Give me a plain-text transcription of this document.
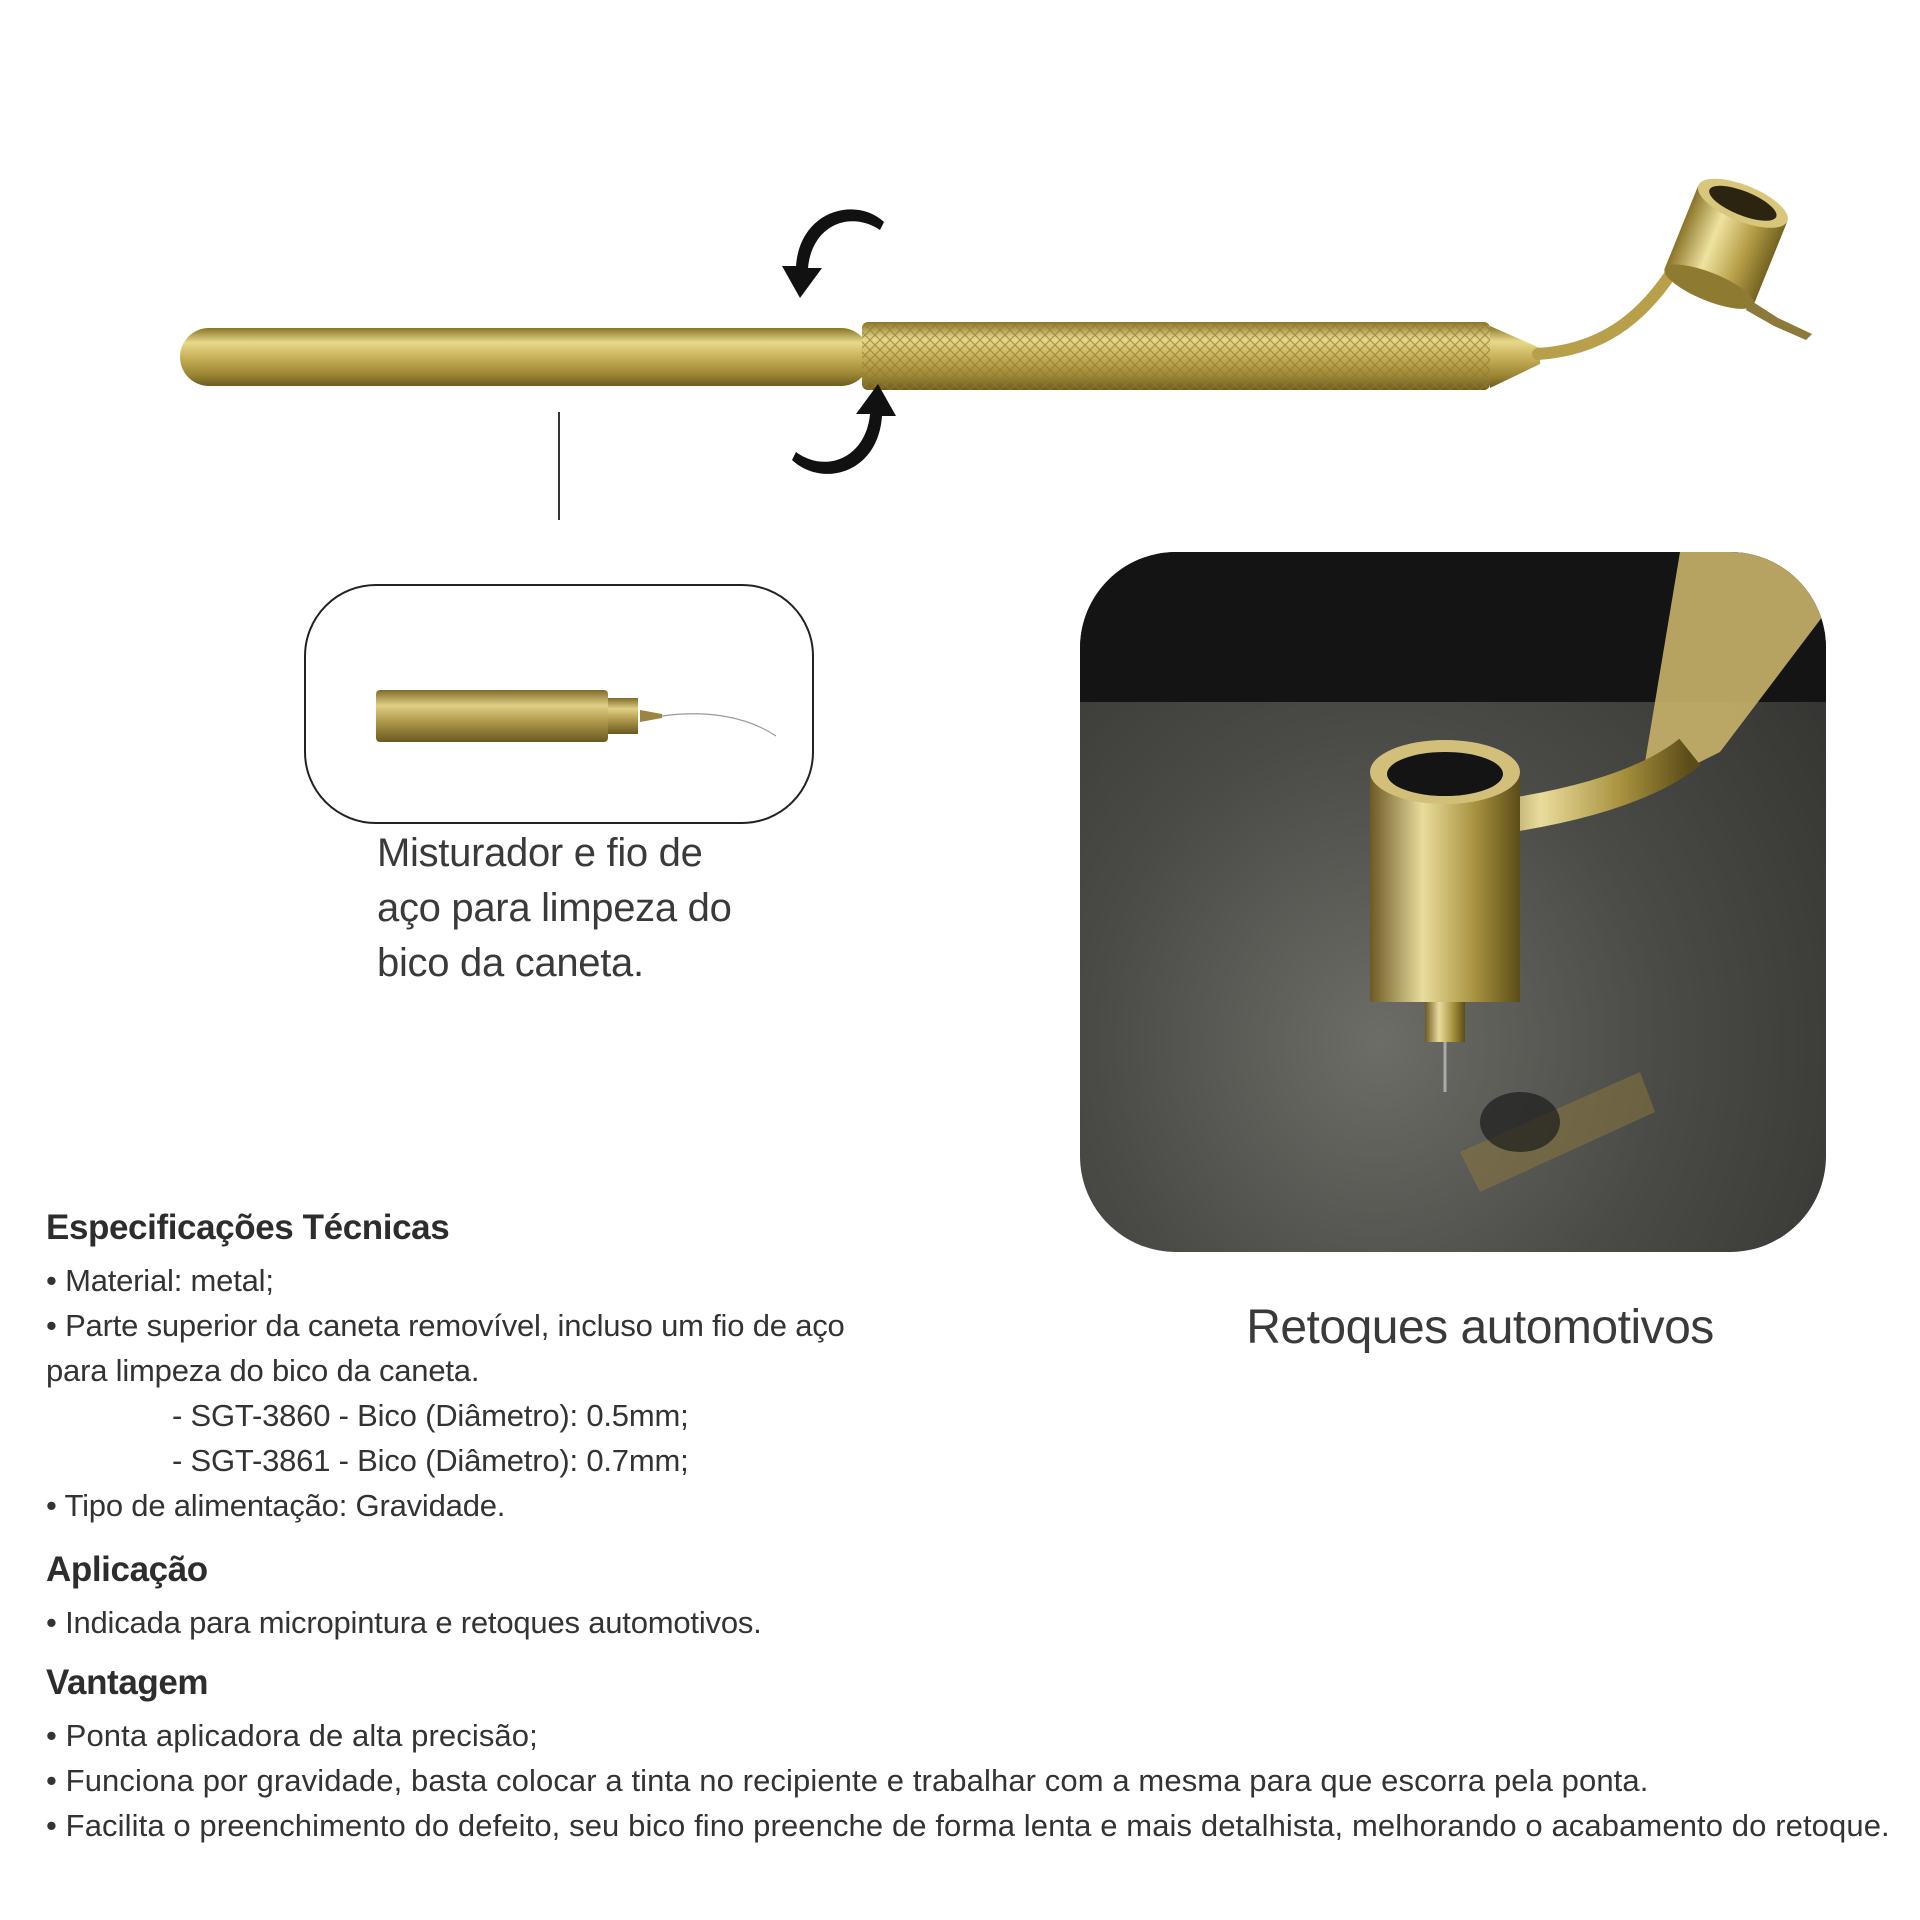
Misturador e fio de
aço para limpeza do
bico da caneta.
Retoques automotivos

Especificações Técnicas

• Material: metal;

• Parte superior da caneta removível, incluso um fio de aço

para limpeza do bico da caneta.

- SGT-3860 - Bico (Diâmetro): 0.5mm;

- SGT-3861 - Bico (Diâmetro): 0.7mm;

• Tipo de alimentação: Gravidade.

Aplicação

• Indicada para micropintura e retoques automotivos.

Vantagem

• Ponta aplicadora de alta precisão;

• Funciona por gravidade, basta colocar a tinta no recipiente e trabalhar com a mesma para que escorra pela ponta.

• Facilita o preenchimento do defeito, seu bico fino preenche de forma lenta e mais detalhista, melhorando o acabamento do retoque.
